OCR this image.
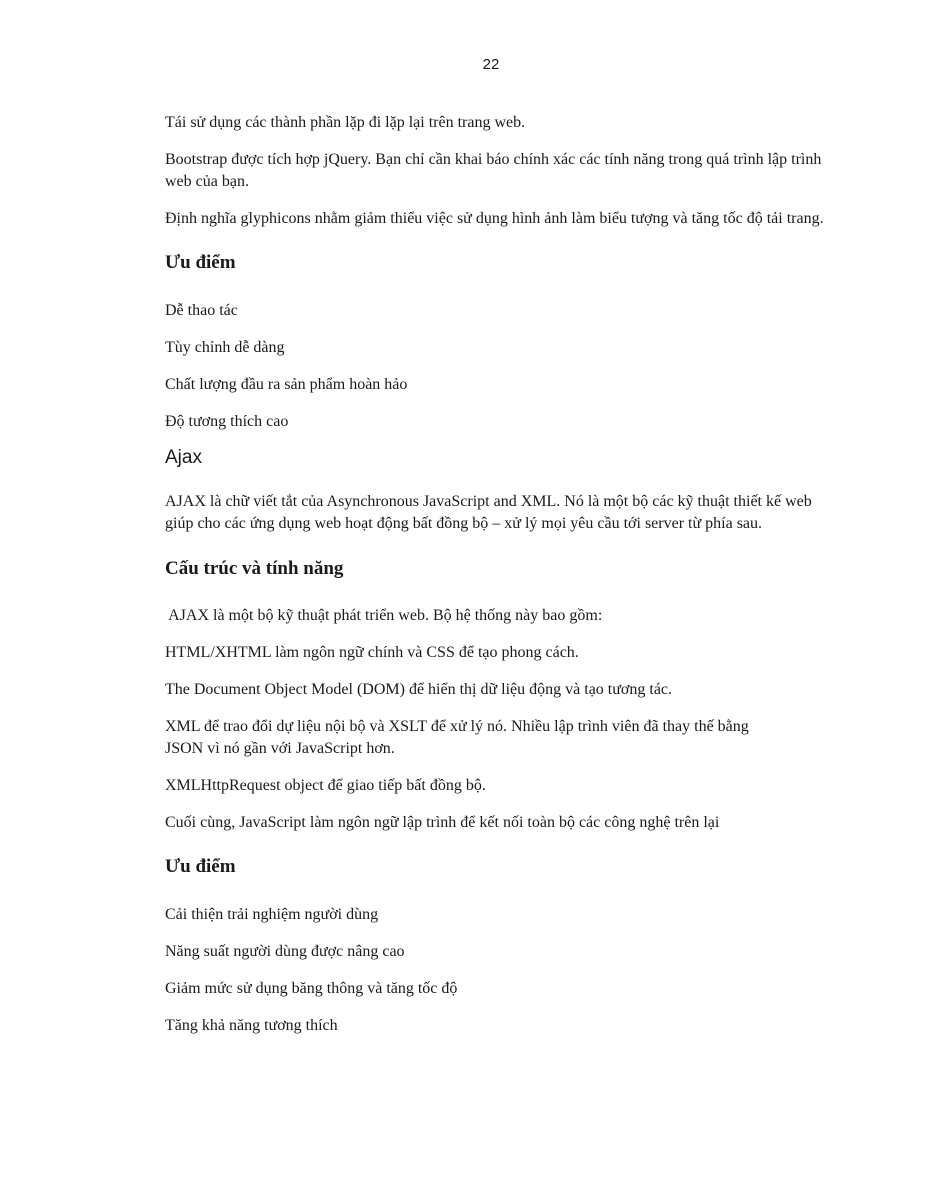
22

Tái sử dụng các thành phần lặp đi lặp lại trên trang web.

Bootstrap được tích hợp jQuery. Bạn chỉ cần khai báo chính xác các tính năng trong quá trình lập trình web của bạn.

Định nghĩa glyphicons nhằm giảm thiểu việc sử dụng hình ảnh làm biểu tượng và tăng tốc độ tải trang.

Ưu điểm

Dễ thao tác

Tùy chỉnh dễ dàng

Chất lượng đầu ra sản phẩm hoàn hảo

Độ tương thích cao

Ajax

AJAX là chữ viết tắt của Asynchronous JavaScript and XML. Nó là một bộ các kỹ thuật thiết kế web giúp cho các ứng dụng web hoạt động bất đồng bộ – xử lý mọi yêu cầu tới server từ phía sau.

Cấu trúc và tính năng

AJAX là một bộ kỹ thuật phát triển web. Bộ hệ thống này bao gồm:

HTML/XHTML làm ngôn ngữ chính và CSS để tạo phong cách.

The Document Object Model (DOM) để hiển thị dữ liệu động và tạo tương tác.

XML để trao đổi dự liệu nội bộ và XSLT để xử lý nó. Nhiều lập trình viên đã thay thế bằng JSON vì nó gần với JavaScript hơn.

XMLHttpRequest object để giao tiếp bất đồng bộ.

Cuối cùng, JavaScript làm ngôn ngữ lập trình để kết nối toàn bộ các công nghệ trên lại

Ưu điểm

Cải thiện trải nghiệm người dùng

Năng suất người dùng được nâng cao

Giảm mức sử dụng băng thông và tăng tốc độ

Tăng khả năng tương thích
